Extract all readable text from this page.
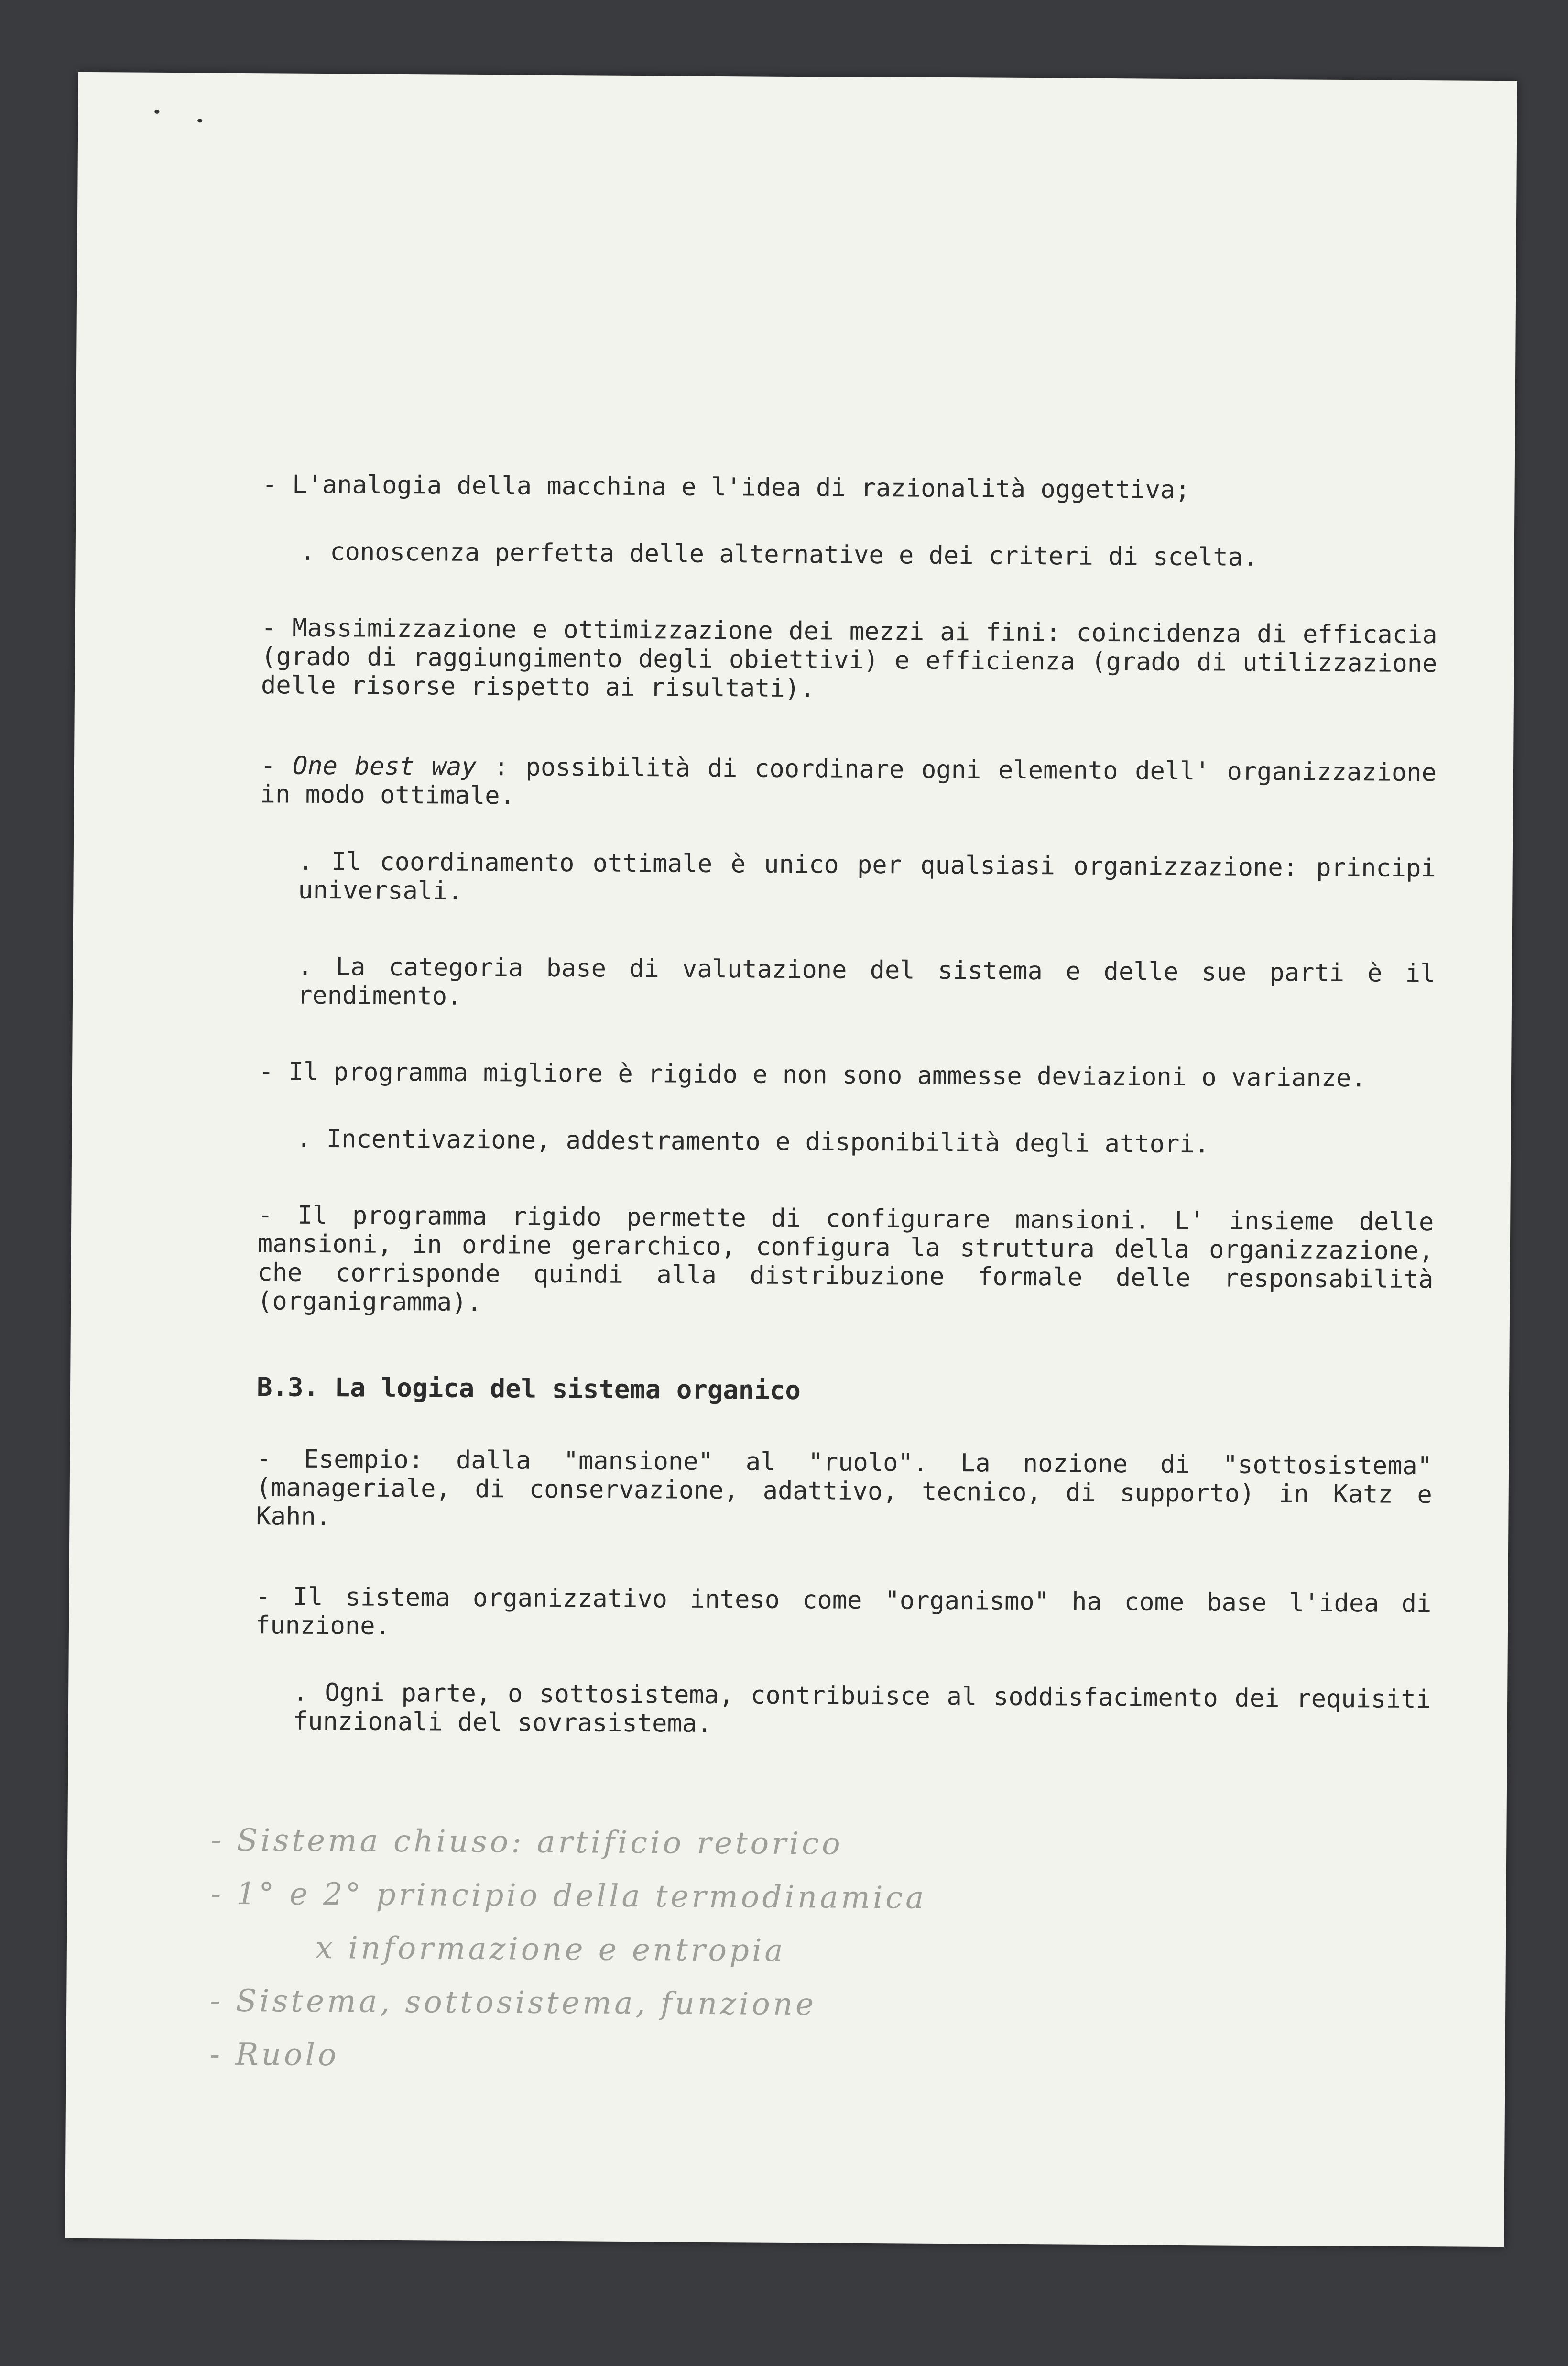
- L'analogia della macchina e l'idea di razionalità oggettiva;

. conoscenza perfetta delle alternative e dei criteri di scelta.

- Massimizzazione e ottimizzazione dei mezzi ai fini: coincidenza di efficacia (grado di raggiungimento degli obiettivi) e efficienza (grado di utilizzazione delle risorse rispetto ai risultati).

- One best way : possibilità di coordinare ogni elemento dell' organizzazione in modo ottimale.

. Il coordinamento ottimale è unico per qualsiasi organizzazione: principi universali.

. La categoria base di valutazione del sistema e delle sue parti è il rendimento.

- Il programma migliore è rigido e non sono ammesse deviazioni o varianze.

. Incentivazione, addestramento e disponibilità degli attori.

- Il programma rigido permette di configurare mansioni. L' insieme delle mansioni, in ordine gerarchico, configura la struttura della organizzazione, che corrisponde quindi alla distribuzione formale delle responsabilità (organigramma).

B.3. La logica del sistema organico

- Esempio: dalla "mansione" al "ruolo". La nozione di "sottosistema" (manageriale, di conservazione, adattivo, tecnico, di supporto) in Katz e Kahn.

- Il sistema organizzativo inteso come "organismo" ha come base l'idea di funzione.

. Ogni parte, o sottosistema, contribuisce al soddisfacimento dei requisiti funzionali del sovrasistema.

- Sistema chiuso: artificio retorico
- 1° e 2° principio della termodinamica
x informazione e entropia
- Sistema, sottosistema, funzione
- Ruolo
